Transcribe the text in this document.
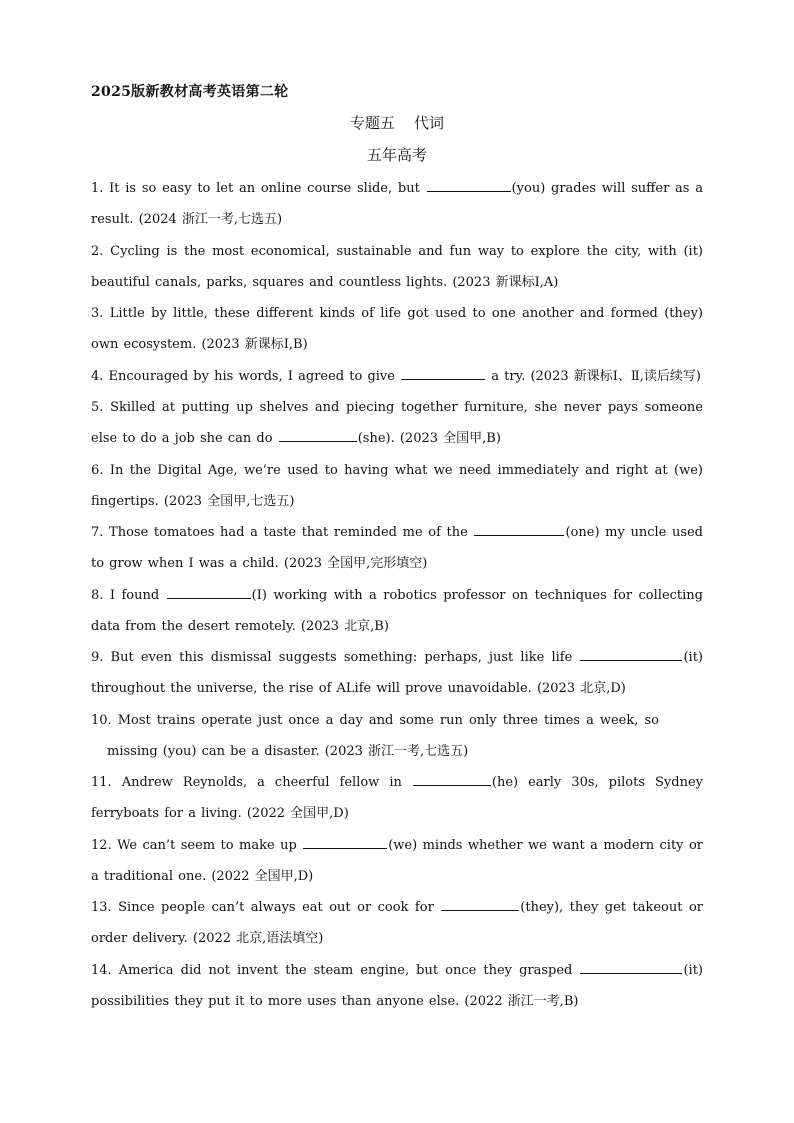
2025版新教材高考英语第二轮
专题五    代词
五年高考
1. It is so easy to let an online course slide, but	(you) grades will suffer as a result. (2024 浙江一考,七选五)
2. Cycling is the most economical, sustainable and fun way to explore the city, with (it) beautiful canals, parks, squares and countless lights. (2023 新课标Ⅰ,A)
3. Little by little, these different kinds of life got used to one another and formed (they) own ecosystem. (2023 新课标Ⅰ,B)
4. Encouraged by his words, I agreed to give	a try. (2023 新课标Ⅰ、Ⅱ,读后续写)
5. Skilled at putting up shelves and piecing together furniture, she never pays someone else to do a job she can do	(she). (2023 全国甲,B)
6. In the Digital Age, we’re used to having what we need immediately and right at (we) fingertips. (2023 全国甲,七选五)
7. Those tomatoes had a taste that reminded me of the	(one) my uncle used to grow when I was a child. (2023 全国甲,完形填空)
8. I found	(I) working with a robotics professor on techniques for collecting data from the desert remotely. (2023 北京,B)
9. But even this dismissal suggests something: perhaps, just like life	(it) throughout the universe, the rise of ALife will prove unavoidable. (2023 北京,D)
10. Most trains operate just once a day and some run only three times a week, so missing (you) can be a disaster. (2023 浙江一考,七选五)
11. Andrew Reynolds, a cheerful fellow in	(he) early 30s, pilots Sydney ferryboats for a living. (2022 全国甲,D)
12. We can’t seem to make up	(we) minds whether we want a modern city or a traditional one. (2022 全国甲,D)
13. Since people can’t always eat out or cook for	(they), they get takeout or order delivery. (2022 北京,语法填空)
14. America did not invent the steam engine, but once they grasped	(it) possibilities they put it to more uses than anyone else. (2022 浙江一考,B)
